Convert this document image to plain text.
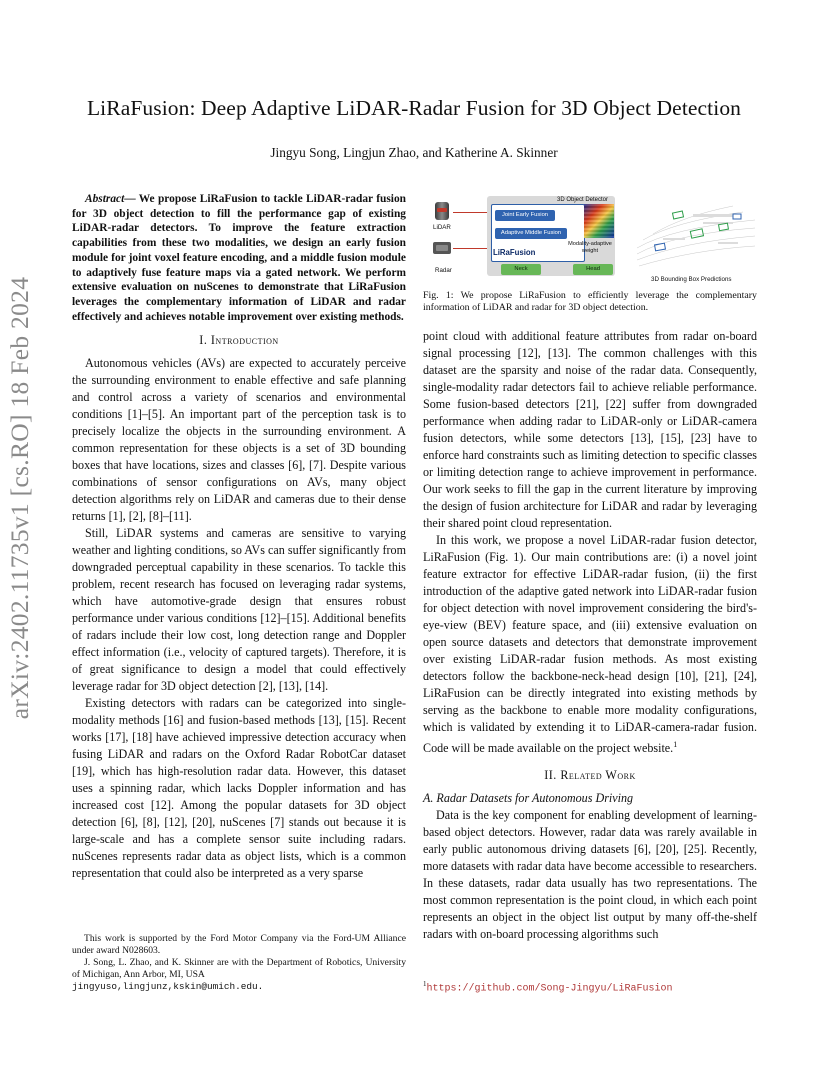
arXiv:2402.11735v1 [cs.RO] 18 Feb 2024
LiRaFusion: Deep Adaptive LiDAR-Radar Fusion for 3D Object Detection
Jingyu Song, Lingjun Zhao, and Katherine A. Skinner

Abstract— We propose LiRaFusion to tackle LiDAR-radar fusion for 3D object detection to fill the performance gap of existing LiDAR-radar detectors. To improve the feature extraction capabilities from these two modalities, we design an early fusion module for joint voxel feature encoding, and a middle fusion module to adaptively fuse feature maps via a gated network. We perform extensive evaluation on nuScenes to demonstrate that LiRaFusion leverages the complementary information of LiDAR and radar effectively and achieves notable improvement over existing methods.

I. Introduction

Autonomous vehicles (AVs) are expected to accurately perceive the surrounding environment to enable effective and safe planning and control across a variety of scenarios and environmental conditions [1]–[5]. An important part of the perception task is to precisely localize the objects in the surrounding environment. A common representation for these objects is a set of 3D bounding boxes that have locations, sizes and classes [6], [7]. Despite various combinations of sensor configurations on AVs, many object detection algorithms rely on LiDAR and cameras due to their dense returns [1], [2], [8]–[11].

Still, LiDAR systems and cameras are sensitive to varying weather and lighting conditions, so AVs can suffer significantly from downgraded perceptual capability in these scenarios. To tackle this problem, recent research has focused on leveraging radar systems, which have automotive-grade design that ensures robust performance under various conditions [12]–[15]. Additional benefits of radars include their low cost, long detection range and Doppler effect information (i.e., velocity of captured targets). Therefore, it is of great significance to design a model that could effectively leverage radar for 3D object detection [2], [13], [14].

Existing detectors with radars can be categorized into single-modality methods [16] and fusion-based methods [13], [15]. Recent works [17], [18] have achieved impressive detection accuracy when fusing LiDAR and radars on the Oxford Radar RobotCar dataset [19], which has high-resolution radar data. However, this dataset uses a spinning radar, which lacks Doppler information and has increased cost [12]. Among the popular datasets for 3D object detection [6], [8], [12], [20], nuScenes [7] stands out because it is large-scale and has a complete sensor suite including radars. nuScenes represents radar data as object lists, which is a common representation that could also be interpreted as a very sparse

This work is supported by the Ford Motor Company via the Ford-UM Alliance under award N028603.

J. Song, L. Zhao, and K. Skinner are with the Department of Robotics, University of Michigan, Ann Arbor, MI, USA

jingyuso,lingjunz,kskin@umich.edu.

LiDAR
Radar
3D Object Detector
Joint Early Fusion
Adaptive Middle Fusion
LiRaFusion
Modality-adaptive weight
Neck	Head
3D Bounding Box Predictions
Fig. 1: We propose LiRaFusion to efficiently leverage the complementary information of LiDAR and radar for 3D object detection.

point cloud with additional feature attributes from radar on-board signal processing [12], [13]. The common challenges with this dataset are the sparsity and noise of the radar data. Consequently, single-modality radar detectors fail to achieve reliable performance. Some fusion-based detectors [21], [22] suffer from downgraded performance when adding radar to LiDAR-only or LiDAR-camera fusion detectors, while some detectors [13], [15], [23] have to enforce hard constraints such as limiting detection to specific classes or limiting detection range to achieve improvement in performance. Our work seeks to fill the gap in the current literature by improving the design of fusion architecture for LiDAR and radar by leveraging their shared point cloud representation.

In this work, we propose a novel LiDAR-radar fusion detector, LiRaFusion (Fig. 1). Our main contributions are: (i) a novel joint feature extractor for effective LiDAR-radar fusion, (ii) the first introduction of the adaptive gated network into LiDAR-radar fusion for object detection with novel improvement considering the bird's-eye-view (BEV) feature space, and (iii) extensive evaluation on open source datasets and detectors that demonstrate improvement over existing LiDAR-radar fusion methods. As most existing detectors follow the backbone-neck-head design [10], [21], [24], LiRaFusion can be directly integrated into existing methods by serving as the backbone to enable more modality configurations, which is validated by extending it to LiDAR-camera-radar fusion. Code will be made available on the project website.$^1$

II. Related Work

A. Radar Datasets for Autonomous Driving

Data is the key component for enabling development of learning-based object detectors. However, radar data was rarely available in early public autonomous driving datasets [6], [20], [25]. Recently, more datasets with radar data have become accessible to researchers. In these datasets, radar data usually has two representations. The most common representation is the point cloud, in which each point represents an object in the object list output by many off-the-shelf radars with on-board processing algorithms such

$^1$https://github.com/Song-Jingyu/LiRaFusion
